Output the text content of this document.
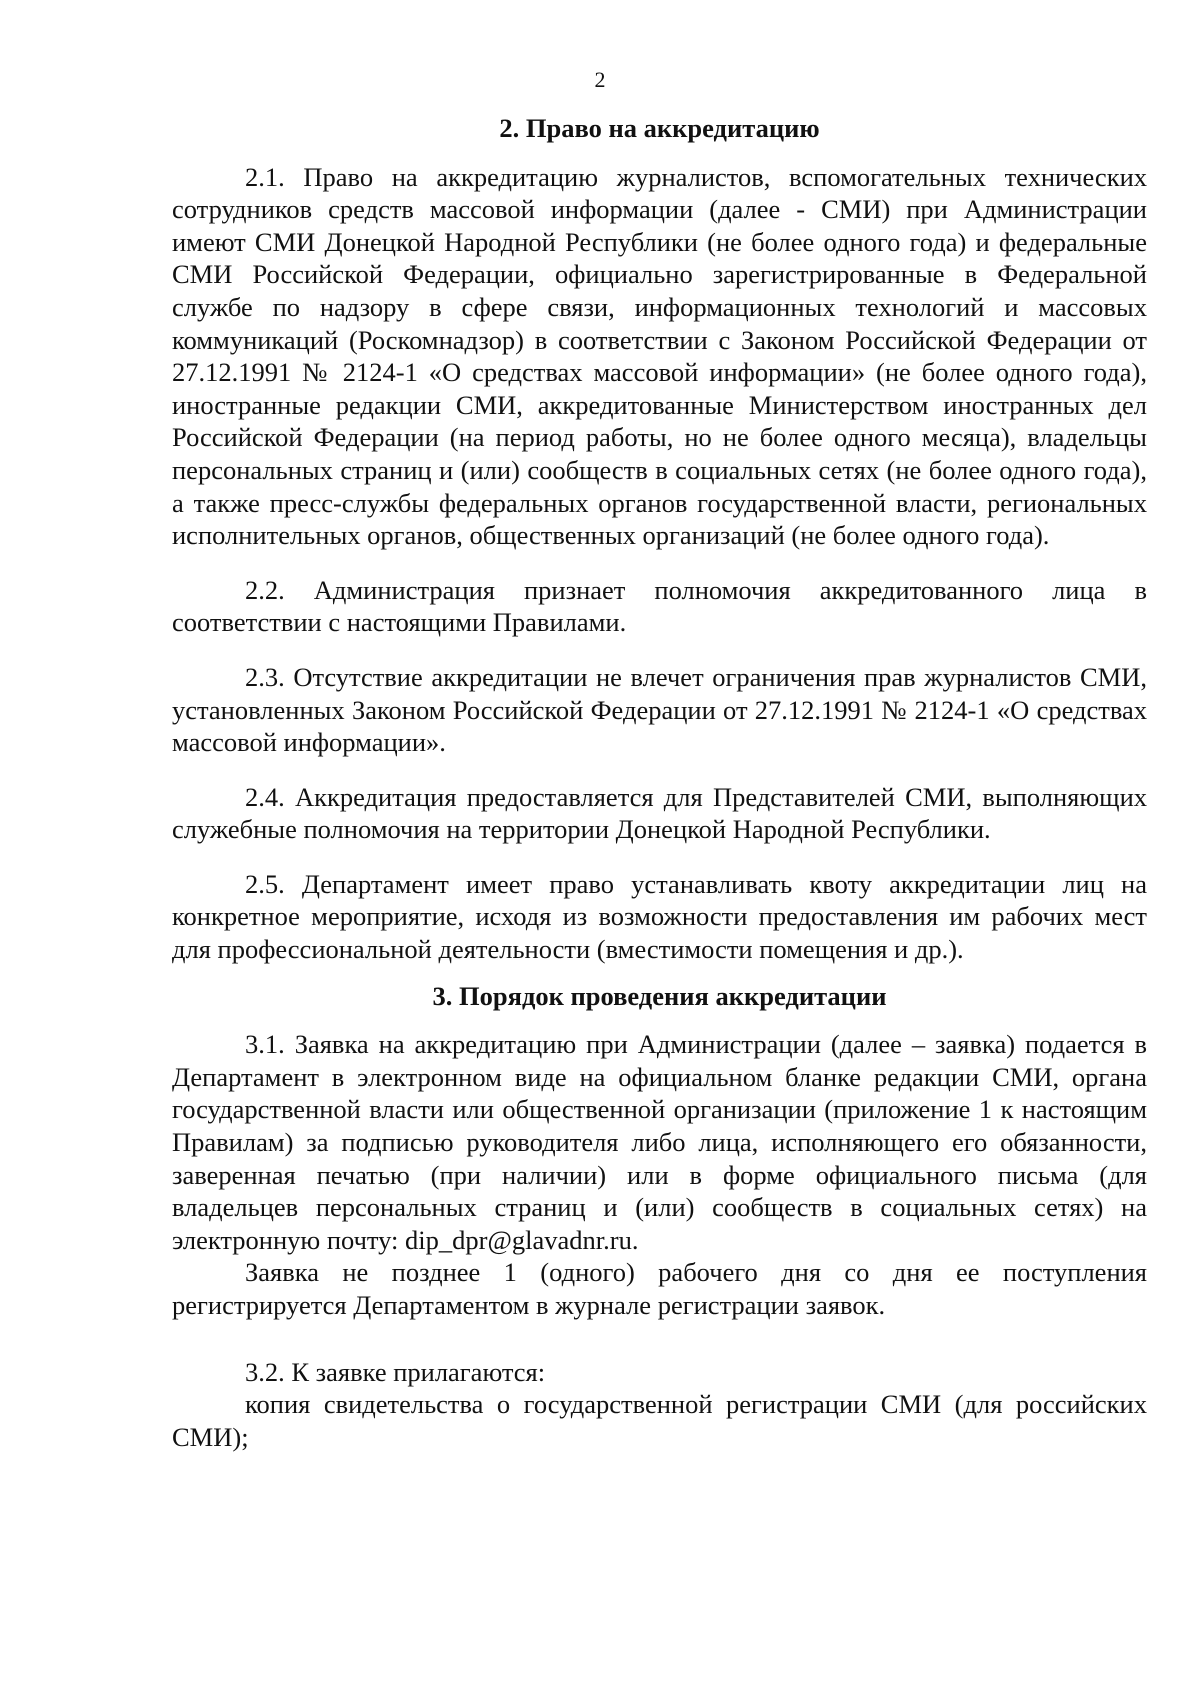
2
2. Право на аккредитацию

2.1. Право на аккредитацию журналистов, вспомогательных технических сотрудников средств массовой информации (далее - СМИ) при Администрации имеют СМИ Донецкой Народной Республики (не более одного года) и федеральные СМИ Российской Федерации, официально зарегистрированные в Федеральной службе по надзору в сфере связи, информационных технологий и массовых коммуникаций (Роскомнадзор) в соответствии с Законом Российской Федерации от 27.12.1991 № 2124-1 «О средствах массовой информации» (не более одного года), иностранные редакции СМИ, аккредитованные Министерством иностранных дел Российской Федерации (на период работы, но не более одного месяца), владельцы персональных страниц и (или) сообществ в социальных сетях (не более одного года), а также пресс-службы федеральных органов государственной власти, региональных исполнительных органов, общественных организаций (не более одного года).

2.2. Администрация признает полномочия аккредитованного лица в соответствии с настоящими Правилами.

2.3. Отсутствие аккредитации не влечет ограничения прав журналистов СМИ, установленных Законом Российской Федерации от 27.12.1991 № 2124-1 «О средствах массовой информации».

2.4. Аккредитация предоставляется для Представителей СМИ, выполняющих служебные полномочия на территории Донецкой Народной Республики.

2.5. Департамент имеет право устанавливать квоту аккредитации лиц на конкретное мероприятие, исходя из возможности предоставления им рабочих мест для профессиональной деятельности (вместимости помещения и др.).

3. Порядок проведения аккредитации

3.1. Заявка на аккредитацию при Администрации (далее – заявка) подается в Департамент в электронном виде на официальном бланке редакции СМИ, органа государственной власти или общественной организации (приложение 1 к настоящим Правилам) за подписью руководителя либо лица, исполняющего его обязанности, заверенная печатью (при наличии) или в форме официального письма (для владельцев персональных страниц и (или) сообществ в социальных сетях) на электронную почту: dip_dpr@glavadnr.ru.

Заявка не позднее 1 (одного) рабочего дня со дня ее поступления регистрируется Департаментом в журнале регистрации заявок.

3.2. К заявке прилагаются:

копия свидетельства о государственной регистрации СМИ (для российских СМИ);
